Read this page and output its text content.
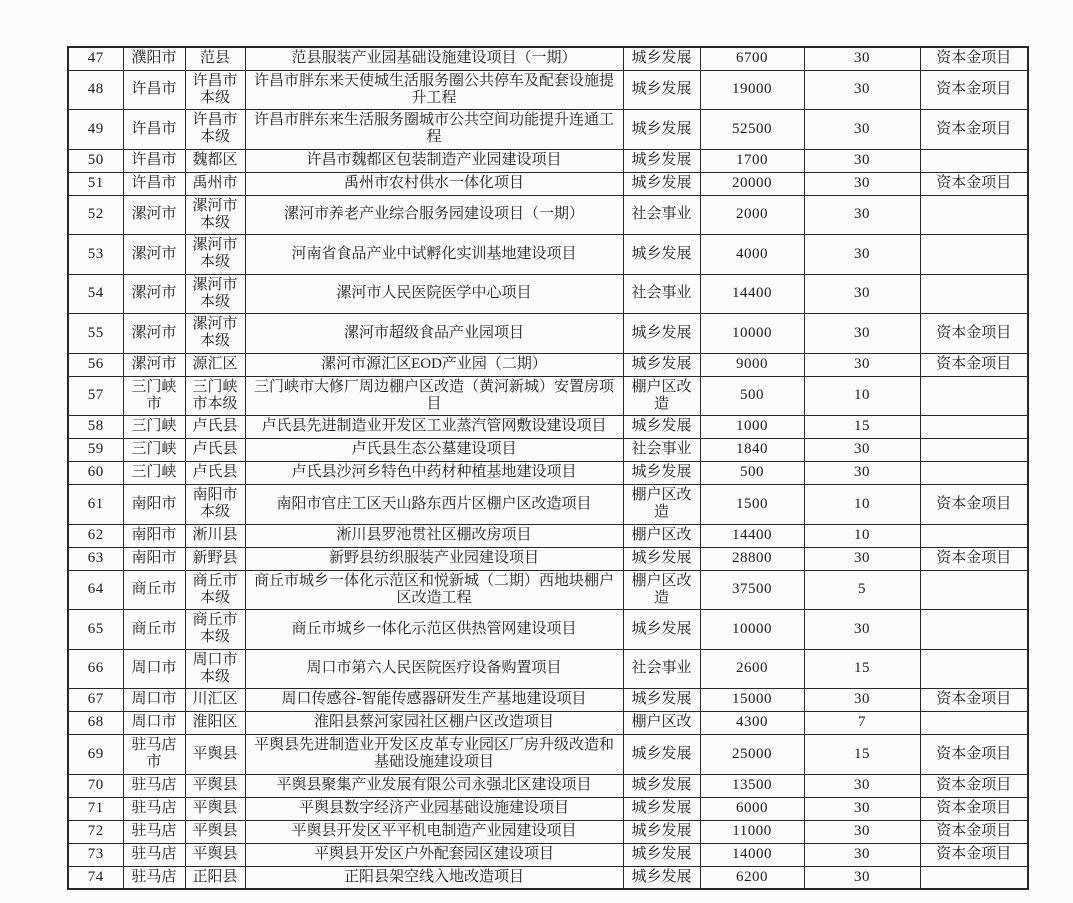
47	濮阳市	范县	范县服装产业园基础设施建设项目（一期）	城乡发展	6700	30	资本金项目
48	许昌市	许昌市本级	许昌市胖东来天使城生活服务圈公共停车及配套设施提升工程	城乡发展	19000	30	资本金项目
49	许昌市	许昌市本级	许昌市胖东来生活服务圈城市公共空间功能提升连通工程	城乡发展	52500	30	资本金项目
50	许昌市	魏都区	许昌市魏都区包装制造产业园建设项目	城乡发展	1700	30	
51	许昌市	禹州市	禹州市农村供水一体化项目	城乡发展	20000	30	资本金项目
52	漯河市	漯河市本级	漯河市养老产业综合服务园建设项目（一期）	社会事业	2000	30	
53	漯河市	漯河市本级	河南省食品产业中试孵化实训基地建设项目	城乡发展	4000	30	
54	漯河市	漯河市本级	漯河市人民医院医学中心项目	社会事业	14400	30	
55	漯河市	漯河市本级	漯河市超级食品产业园项目	城乡发展	10000	30	资本金项目
56	漯河市	源汇区	漯河市源汇区EOD产业园（二期）	城乡发展	9000	30	资本金项目
57	三门峡市	三门峡市本级	三门峡市大修厂周边棚户区改造（黄河新城）安置房项目	棚户区改造	500	10	
58	三门峡	卢氏县	卢氏县先进制造业开发区工业蒸汽管网敷设建设项目	城乡发展	1000	15	
59	三门峡	卢氏县	卢氏县生态公墓建设项目	社会事业	1840	30	
60	三门峡	卢氏县	卢氏县沙河乡特色中药材种植基地建设项目	城乡发展	500	30	
61	南阳市	南阳市本级	南阳市官庄工区天山路东西片区棚户区改造项目	棚户区改造	1500	10	资本金项目
62	南阳市	淅川县	淅川县罗池贯社区棚改房项目	棚户区改	14400	10	
63	南阳市	新野县	新野县纺织服装产业园建设项目	城乡发展	28800	30	资本金项目
64	商丘市	商丘市本级	商丘市城乡一体化示范区和悦新城（二期）西地块棚户区改造工程	棚户区改造	37500	5	
65	商丘市	商丘市本级	商丘市城乡一体化示范区供热管网建设项目	城乡发展	10000	30	
66	周口市	周口市本级	周口市第六人民医院医疗设备购置项目	社会事业	2600	15	
67	周口市	川汇区	周口传感谷-智能传感器研发生产基地建设项目	城乡发展	15000	30	资本金项目
68	周口市	淮阳区	淮阳县蔡河家园社区棚户区改造项目	棚户区改	4300	7	
69	驻马店市	平舆县	平舆县先进制造业开发区皮革专业园区厂房升级改造和基础设施建设项目	城乡发展	25000	15	资本金项目
70	驻马店	平舆县	平舆县聚集产业发展有限公司永强北区建设项目	城乡发展	13500	30	资本金项目
71	驻马店	平舆县	平舆县数字经济产业园基础设施建设项目	城乡发展	6000	30	资本金项目
72	驻马店	平舆县	平舆县开发区平平机电制造产业园建设项目	城乡发展	11000	30	资本金项目
73	驻马店	平舆县	平舆县开发区户外配套园区建设项目	城乡发展	14000	30	资本金项目
74	驻马店	正阳县	正阳县架空线入地改造项目	城乡发展	6200	30	
